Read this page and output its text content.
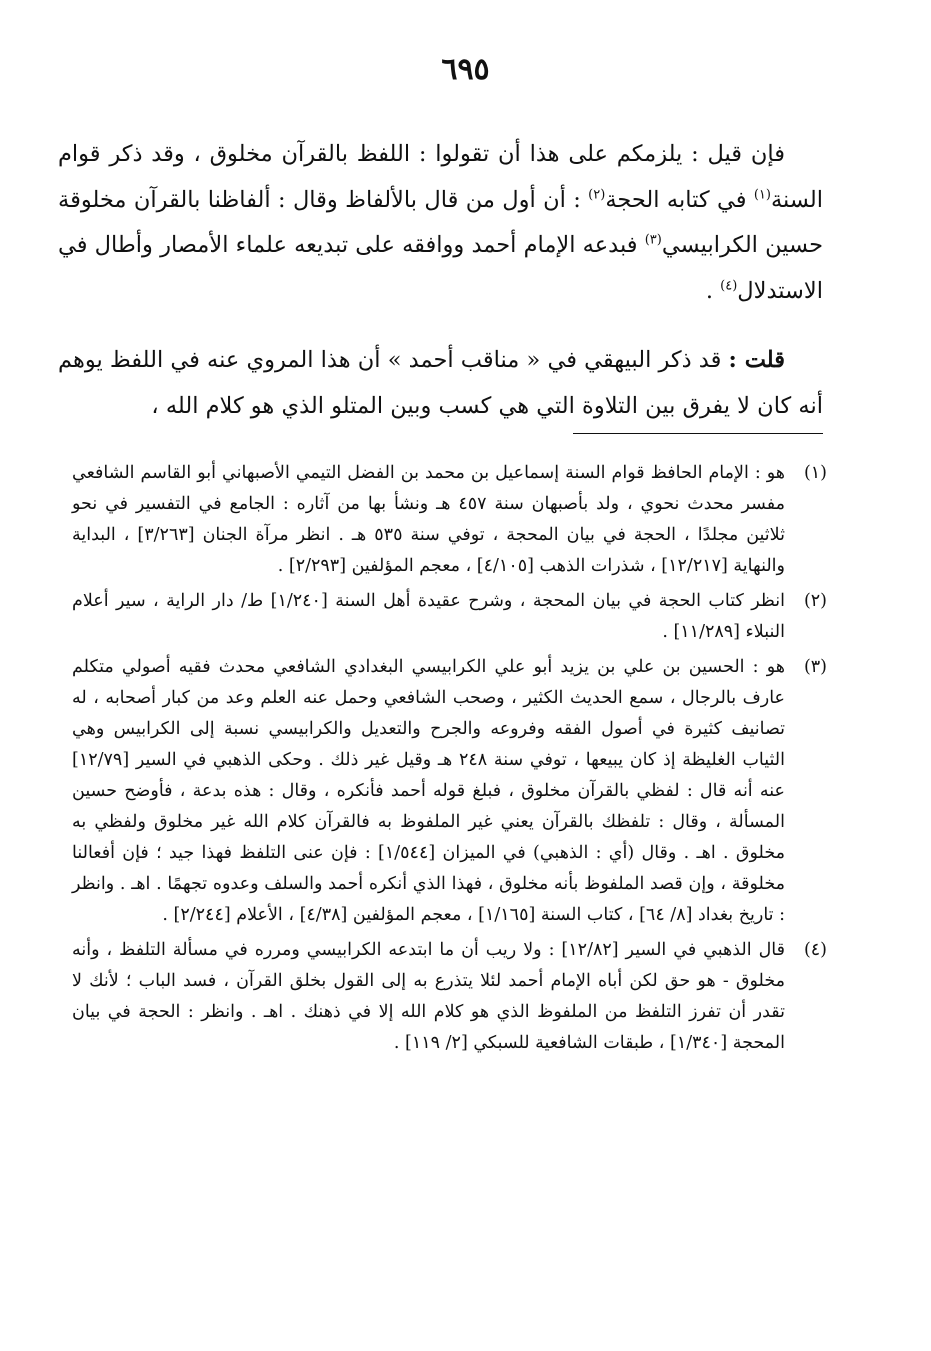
٦٩٥

فإن قيل : يلزمكم على هذا أن تقولوا : اللفظ بالقرآن مخلوق ، وقد ذكر قوام السنة$^{(١)}$ في كتابه الحجة$^{(٢)}$ : أن أول من قال بالألفاظ وقال : ألفاظنا بالقرآن مخلوقة حسين الكرابيسي$^{(٣)}$ فبدعه الإمام أحمد ووافقه على تبديعه علماء الأمصار وأطال في الاستدلال$^{(٤)}$ .

قلت : قد ذكر البيهقي في « مناقب أحمد » أن هذا المروي عنه في اللفظ يوهم أنه كان لا يفرق بين التلاوة التي هي كسب وبين المتلو الذي هو كلام الله ،

(١)
هو : الإمام الحافظ قوام السنة إسماعيل بن محمد بن الفضل التيمي الأصبهاني أبو القاسم الشافعي مفسر محدث نحوي ، ولد بأصبهان سنة ٤٥٧ هـ ونشأ بها من آثاره : الجامع في التفسير في نحو ثلاثين مجلدًا ، الحجة في بيان المحجة ، توفي سنة ٥٣٥ هـ . انظر مرآة الجنان [٣/٢٦٣] ، البداية والنهاية [١٢/٢١٧] ، شذرات الذهب [٤/١٠٥] ، معجم المؤلفين [٢/٢٩٣] .
(٢)
انظر كتاب الحجة في بيان المحجة ، وشرح عقيدة أهل السنة [١/٢٤٠] ط/ دار الراية ، سير أعلام النبلاء [١١/٢٨٩] .
(٣)
هو : الحسين بن علي بن يزيد أبو علي الكرابيسي البغدادي الشافعي محدث فقيه أصولي متكلم عارف بالرجال ، سمع الحديث الكثير ، وصحب الشافعي وحمل عنه العلم وعد من كبار أصحابه ، له تصانيف كثيرة في أصول الفقه وفروعه والجرح والتعديل والكرابيسي نسبة إلى الكرابيس وهي الثياب الغليظة إذ كان يبيعها ، توفي سنة ٢٤٨ هـ وقيل غير ذلك . وحكى الذهبي في السير [١٢/٧٩] عنه أنه قال : لفظي بالقرآن مخلوق ، فبلغ قوله أحمد فأنكره ، وقال : هذه بدعة ، فأوضح حسين المسألة ، وقال : تلفظك بالقرآن يعني غير الملفوظ به فالقرآن كلام الله غير مخلوق ولفظي به مخلوق . اهـ . وقال (أي : الذهبي) في الميزان [١/٥٤٤] : فإن عنى التلفظ فهذا جيد ؛ فإن أفعالنا مخلوقة ، وإن قصد الملفوظ بأنه مخلوق ، فهذا الذي أنكره أحمد والسلف وعدوه تجهمًا . اهـ . وانظر : تاريخ بغداد [٨/ ٦٤] ، كتاب السنة [١/١٦٥] ، معجم المؤلفين [٤/٣٨] ، الأعلام [٢/٢٤٤] .
(٤)
قال الذهبي في السير [١٢/٨٢] : ولا ريب أن ما ابتدعه الكرابيسي ومرره في مسألة التلفظ ، وأنه مخلوق - هو حق لكن أباه الإمام أحمد لئلا يتذرع به إلى القول بخلق القرآن ، فسد الباب ؛ لأنك لا تقدر أن تفرز التلفظ من الملفوظ الذي هو كلام الله إلا في ذهنك . اهـ . وانظر : الحجة في بيان المحجة [١/٣٤٠] ، طبقات الشافعية للسبكي [٢/ ١١٩] .
